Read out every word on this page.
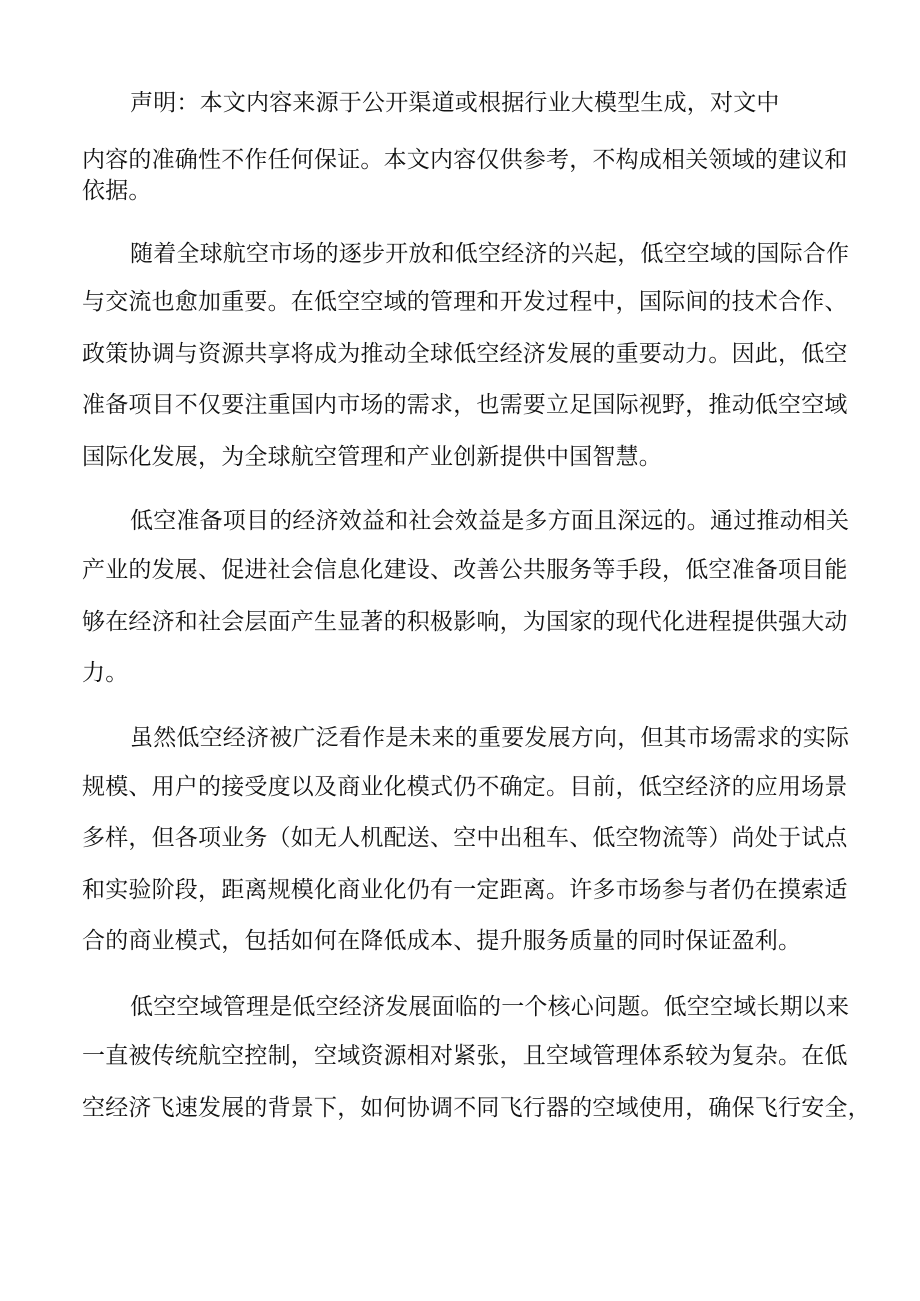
声明：本文内容来源于公开渠道或根据行业大模型生成，对文中
内容的准确性不作任何保证。本文内容仅供参考，不构成相关领域的建议和
依据。
随着全球航空市场的逐步开放和低空经济的兴起，低空空域的国际合作
与交流也愈加重要。在低空空域的管理和开发过程中，国际间的技术合作、
政策协调与资源共享将成为推动全球低空经济发展的重要动力。因此，低空
准备项目不仅要注重国内市场的需求，也需要立足国际视野，推动低空空域
国际化发展，为全球航空管理和产业创新提供中国智慧。
低空准备项目的经济效益和社会效益是多方面且深远的。通过推动相关
产业的发展、促进社会信息化建设、改善公共服务等手段，低空准备项目能
够在经济和社会层面产生显著的积极影响，为国家的现代化进程提供强大动
力。
虽然低空经济被广泛看作是未来的重要发展方向，但其市场需求的实际
规模、用户的接受度以及商业化模式仍不确定。目前，低空经济的应用场景
多样，但各项业务（如无人机配送、空中出租车、低空物流等）尚处于试点
和实验阶段，距离规模化商业化仍有一定距离。许多市场参与者仍在摸索适
合的商业模式，包括如何在降低成本、提升服务质量的同时保证盈利。
低空空域管理是低空经济发展面临的一个核心问题。低空空域长期以来
一直被传统航空控制，空域资源相对紧张，且空域管理体系较为复杂。在低
空经济飞速发展的背景下，如何协调不同飞行器的空域使用，确保飞行安全，
